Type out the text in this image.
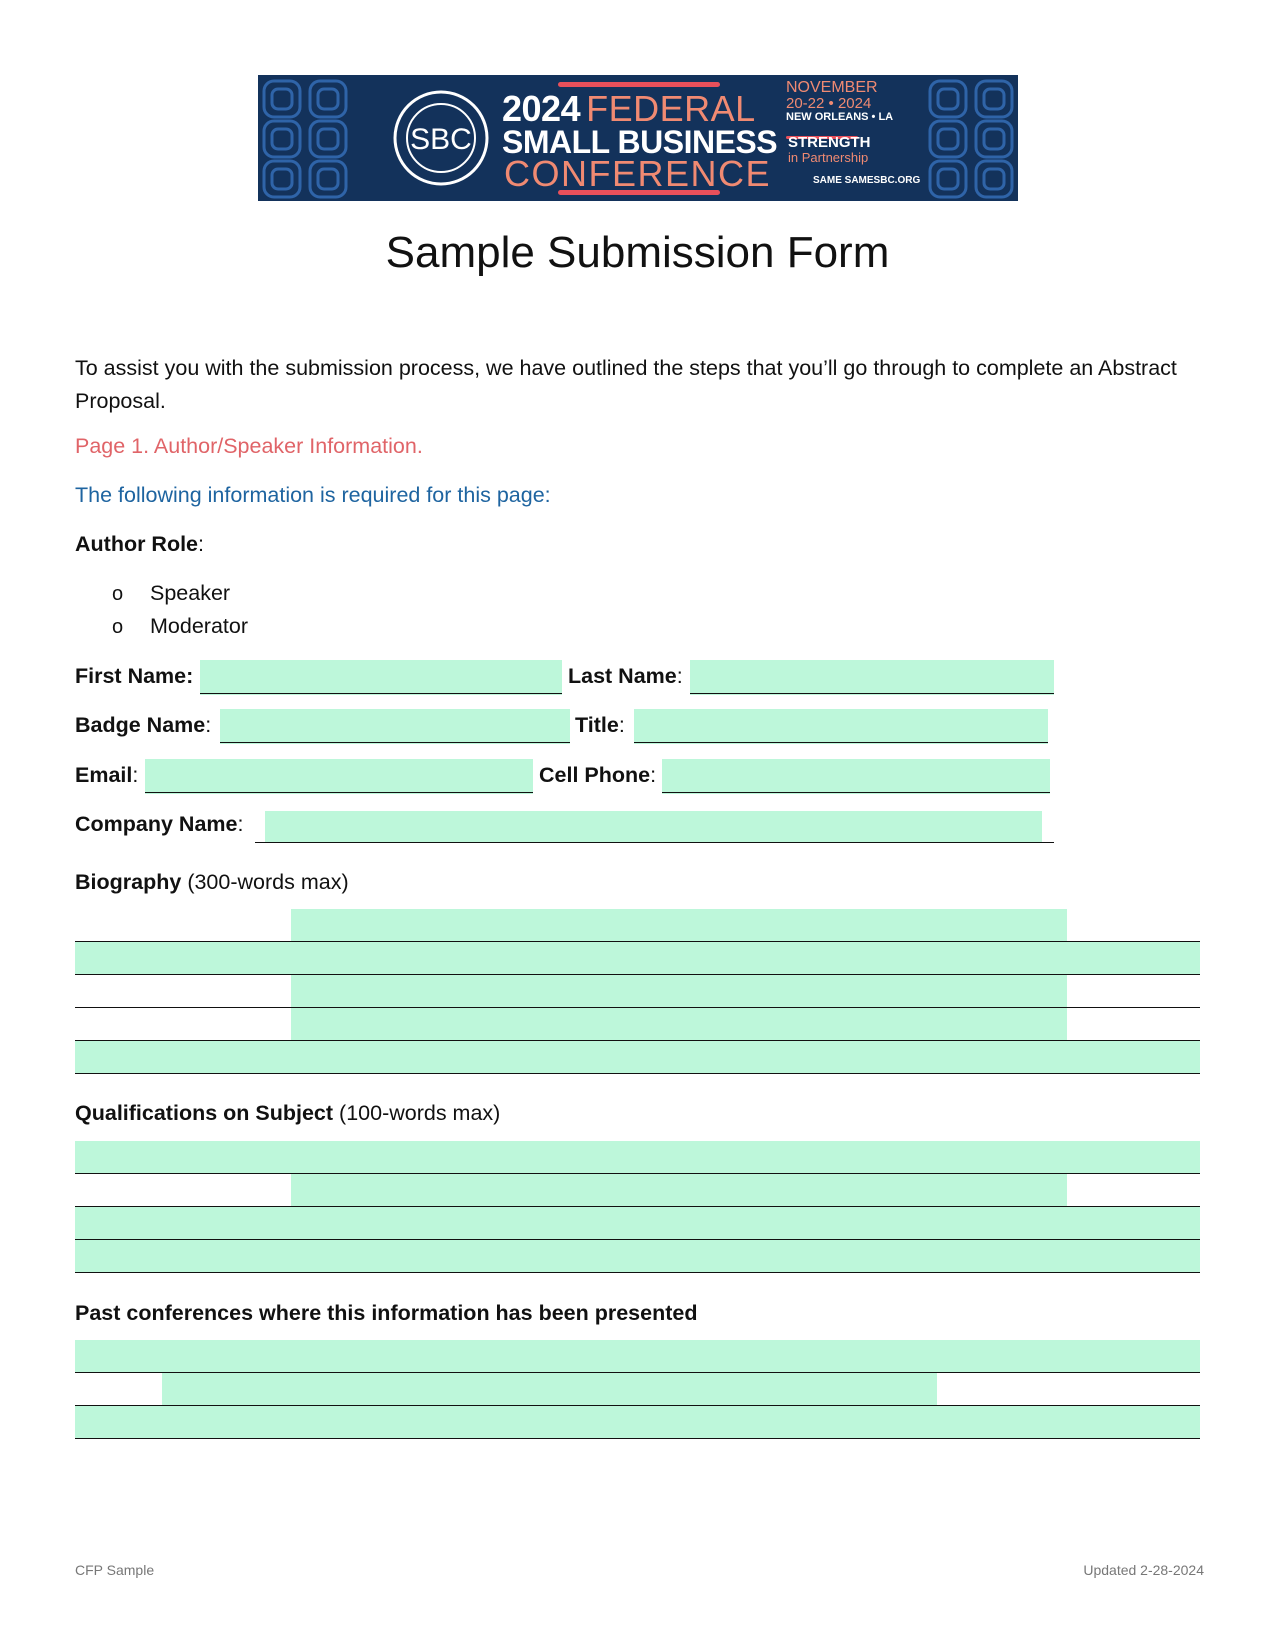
SBC
2024 FEDERAL
SMALL BUSINESS
CONFERENCE
NOVEMBER
20-22 • 2024
NEW ORLEANS • LA
STRENGTH
in Partnership
SAME SAMESBC.ORG
Sample Submission Form
To assist you with the submission process, we have outlined the steps that you’ll go through to complete an Abstract Proposal.
Page 1. Author/Speaker Information.
The following information is required for this page:
Author Role:
o Speaker
o Moderator
First Name:	Last Name:
Badge Name:	Title:
Email:	Cell Phone:
Company Name:
Biography (300-words max)
Qualifications on Subject (100-words max)
Past conferences where this information has been presented
CFP Sample	Updated 2-28-2024
